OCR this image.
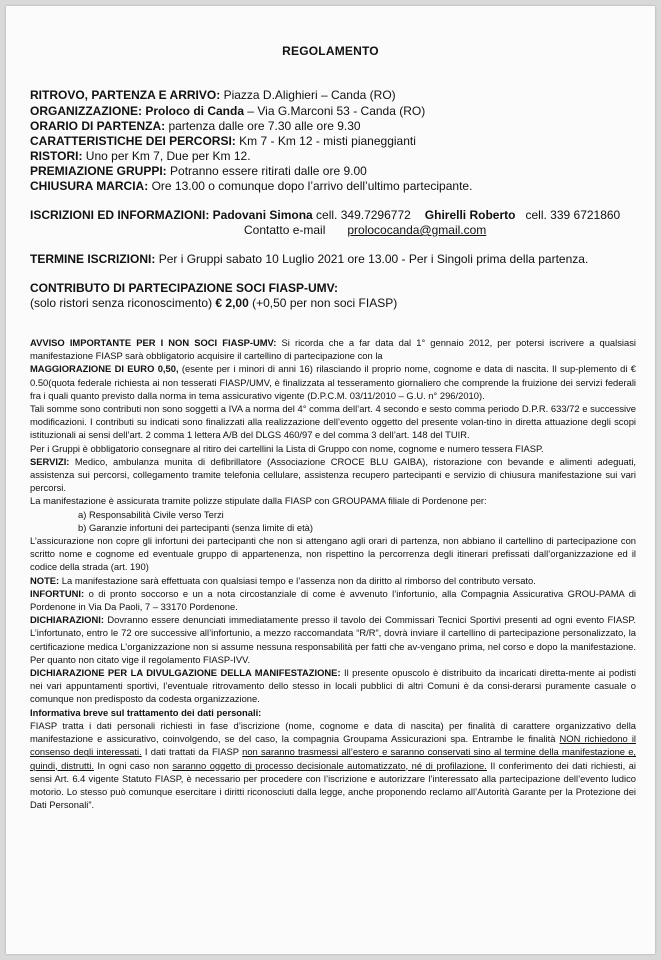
REGOLAMENTO
RITROVO, PARTENZA E ARRIVO: Piazza D.Alighieri – Canda (RO)
ORGANIZZAZIONE: Proloco di Canda – Via G.Marconi 53 - Canda (RO)
ORARIO DI PARTENZA: partenza dalle ore 7.30 alle ore 9.30
CARATTERISTICHE DEI PERCORSI: Km 7 - Km 12 - misti pianeggianti
RISTORI: Uno per Km 7, Due per Km 12.
PREMIAZIONE GRUPPI: Potranno essere ritirati dalle ore 9.00
CHIUSURA MARCIA: Ore 13.00 o comunque dopo l’arrivo dell’ultimo partecipante.
ISCRIZIONI ED INFORMAZIONI: Padovani Simona cell. 349.7296772 Ghirelli Roberto cell. 339 6721860
Contatto e-mail prolococanda@gmail.com
TERMINE ISCRIZIONI: Per i Gruppi sabato 10 Luglio 2021 ore 13.00 - Per i Singoli prima della partenza.
CONTRIBUTO DI PARTECIPAZIONE SOCI FIASP-UMV:
(solo ristori senza riconoscimento) € 2,00 (+0,50 per non soci FIASP)

AVVISO IMPORTANTE PER I NON SOCI FIASP-UMV: Si ricorda che a far data dal 1° gennaio 2012, per potersi iscrivere a qualsiasi manifestazione FIASP sarà obbligatorio acquisire il cartellino di partecipazione con la

MAGGIORAZIONE DI EURO 0,50, (esente per i minori di anni 16) rilasciando il proprio nome, cognome e data di nascita. Il sup-plemento di € 0.50(quota federale richiesta ai non tesserati FIASP/UMV, è finalizzata al tesseramento giornaliero che comprende la fruizione dei servizi federali fra i quali quanto previsto dalla norma in tema assicurativo vigente (D.P.C.M. 03/11/2010 – G.U. n° 296/2010).

Tali somme sono contributi non sono soggetti a IVA a norma del 4° comma dell’art. 4 secondo e sesto comma periodo D.P.R. 633/72 e successive modificazioni. I contributi su indicati sono finalizzati alla realizzazione dell’evento oggetto del presente volan-tino in diretta attuazione degli scopi istituzionali ai sensi dell’art. 2 comma 1 lettera A/B del DLGS 460/97 e del comma 3 dell’art. 148 del TUIR.

Per i Gruppi è obbligatorio consegnare al ritiro dei cartellini la Lista di Gruppo con nome, cognome e numero tessera FIASP.

SERVIZI: Medico, ambulanza munita di defibrillatore (Associazione CROCE BLU GAIBA), ristorazione con bevande e alimenti adeguati, assistenza sui percorsi, collegamento tramite telefonia cellulare, assistenza recupero partecipanti e servizio di chiusura manifestazione sui vari percorsi.

La manifestazione è assicurata tramite polizze stipulate dalla FIASP con GROUPAMA filiale di Pordenone per:

a) Responsabilità Civile verso Terzi

b) Garanzie infortuni dei partecipanti (senza limite di età)

L’assicurazione non copre gli infortuni dei partecipanti che non si attengano agli orari di partenza, non abbiano il cartellino di partecipazione con scritto nome e cognome ed eventuale gruppo di appartenenza, non rispettino la percorrenza degli itinerari prefissati dall’organizzazione ed il codice della strada (art. 190)

NOTE: La manifestazione sarà effettuata con qualsiasi tempo e l’assenza non da diritto al rimborso del contributo versato.

INFORTUNI: o di pronto soccorso e un a nota circostanziale di come è avvenuto l’infortunio, alla Compagnia Assicurativa GROU-PAMA di Pordenone in Via Da Paoli, 7 – 33170 Pordenone.

DICHIARAZIONI: Dovranno essere denunciati immediatamente presso il tavolo dei Commissari Tecnici Sportivi presenti ad ogni evento FIASP. L’infortunato, entro le 72 ore successive all’infortunio, a mezzo raccomandata “R/R”, dovrà inviare il cartellino di partecipazione personalizzato, la certificazione medica L’organizzazione non si assume nessuna responsabilità per fatti che av-vengano prima, nel corso e dopo la manifestazione. Per quanto non citato vige il regolamento FIASP-IVV.

DICHIARAZIONE PER LA DIVULGAZIONE DELLA MANIFESTAZIONE: Il presente opuscolo è distribuito da incaricati diretta-mente ai podisti nei vari appuntamenti sportivi, l’eventuale ritrovamento dello stesso in locali pubblici di altri Comuni è da consi-derarsi puramente casuale o comunque non predisposto da codesta organizzazione.

Informativa breve sul trattamento dei dati personali:

FIASP tratta i dati personali richiesti in fase d’iscrizione (nome, cognome e data di nascita) per finalità di carattere organizzativo della manifestazione e assicurativo, coinvolgendo, se del caso, la compagnia Groupama Assicurazioni spa. Entrambe le finalità NON richiedono il consenso degli interessati. I dati trattati da FIASP non saranno trasmessi all’estero e saranno conservati sino al termine della manifestazione e, quindi, distrutti. In ogni caso non saranno oggetto di processo decisionale automatizzato, né di profilazione. Il conferimento dei dati richiesti, ai sensi Art. 6.4 vigente Statuto FIASP, è necessario per procedere con l’iscrizione e autorizzare l’interessato alla partecipazione dell’evento ludico motorio. Lo stesso può comunque esercitare i diritti riconosciuti dalla legge, anche proponendo reclamo all’Autorità Garante per la Protezione dei Dati Personali”.
